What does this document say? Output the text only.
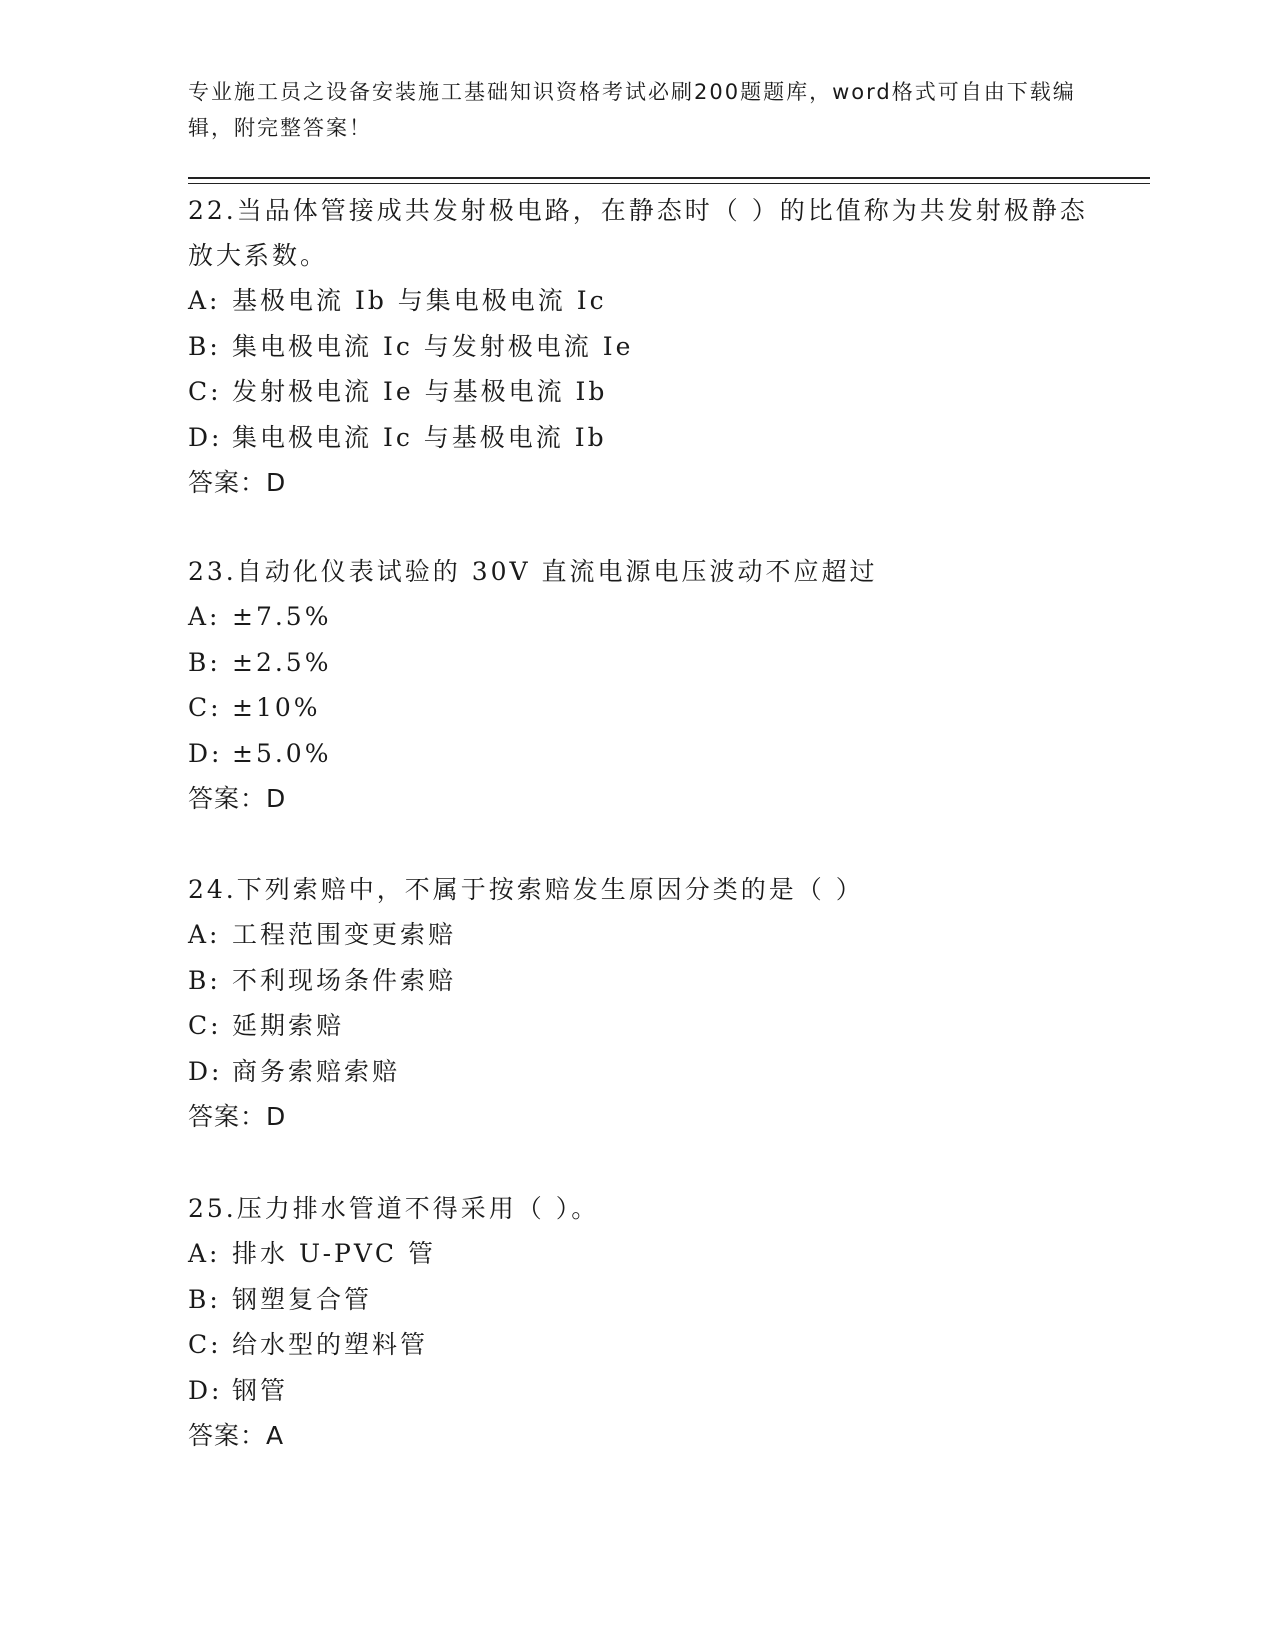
专业施工员之设备安装施工基础知识资格考试必刷200题题库，word格式可自由下载编辑，附完整答案！
22.当品体管接成共发射极电路，在静态时（ ）的比值称为共发射极静态放大系数。
A: 基极电流 Ib 与集电极电流 Ic
B: 集电极电流 Ic 与发射极电流 Ie
C: 发射极电流 Ie 与基极电流 Ib
D: 集电极电流 Ic 与基极电流 Ib
答案：D
23.自动化仪表试验的 30V 直流电源电压波动不应超过
A: ±7.5%
B: ±2.5%
C: ±10%
D: ±5.0%
答案：D
24.下列索赔中，不属于按索赔发生原因分类的是（ ）
A: 工程范围变更索赔
B: 不利现场条件索赔
C: 延期索赔
D: 商务索赔索赔
答案：D
25.压力排水管道不得采用（ ）。
A: 排水 U-PVC 管
B: 钢塑复合管
C: 给水型的塑料管
D: 钢管
答案：A
